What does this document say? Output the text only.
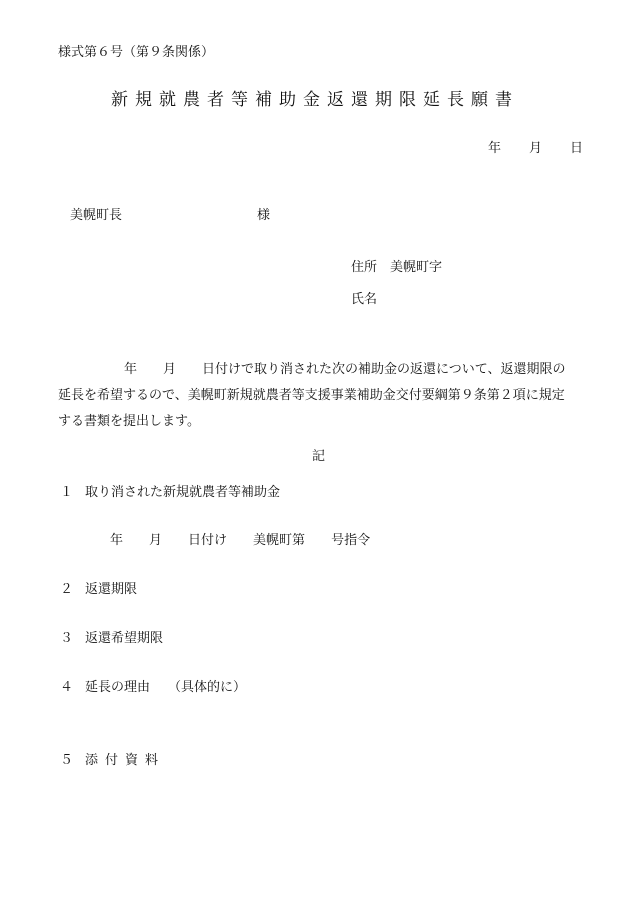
様式第６号（第９条関係）
新規就農者等補助金返還期限延長願書
年 月 日
美幌町長	様
住所 美幌町字
氏名
年 月 日付けで取り消された次の補助金の返還について、返還期限の
延長を希望するので、美幌町新規就農者等支援事業補助金交付要綱第９条第２項に規定
する書類を提出します。
記
１ 取り消された新規就農者等補助金
年 月 日付け 美幌町第 号指令
２ 返還期限
３ 返還希望期限
４ 延長の理由 （具体的に）
５ 添付資料
